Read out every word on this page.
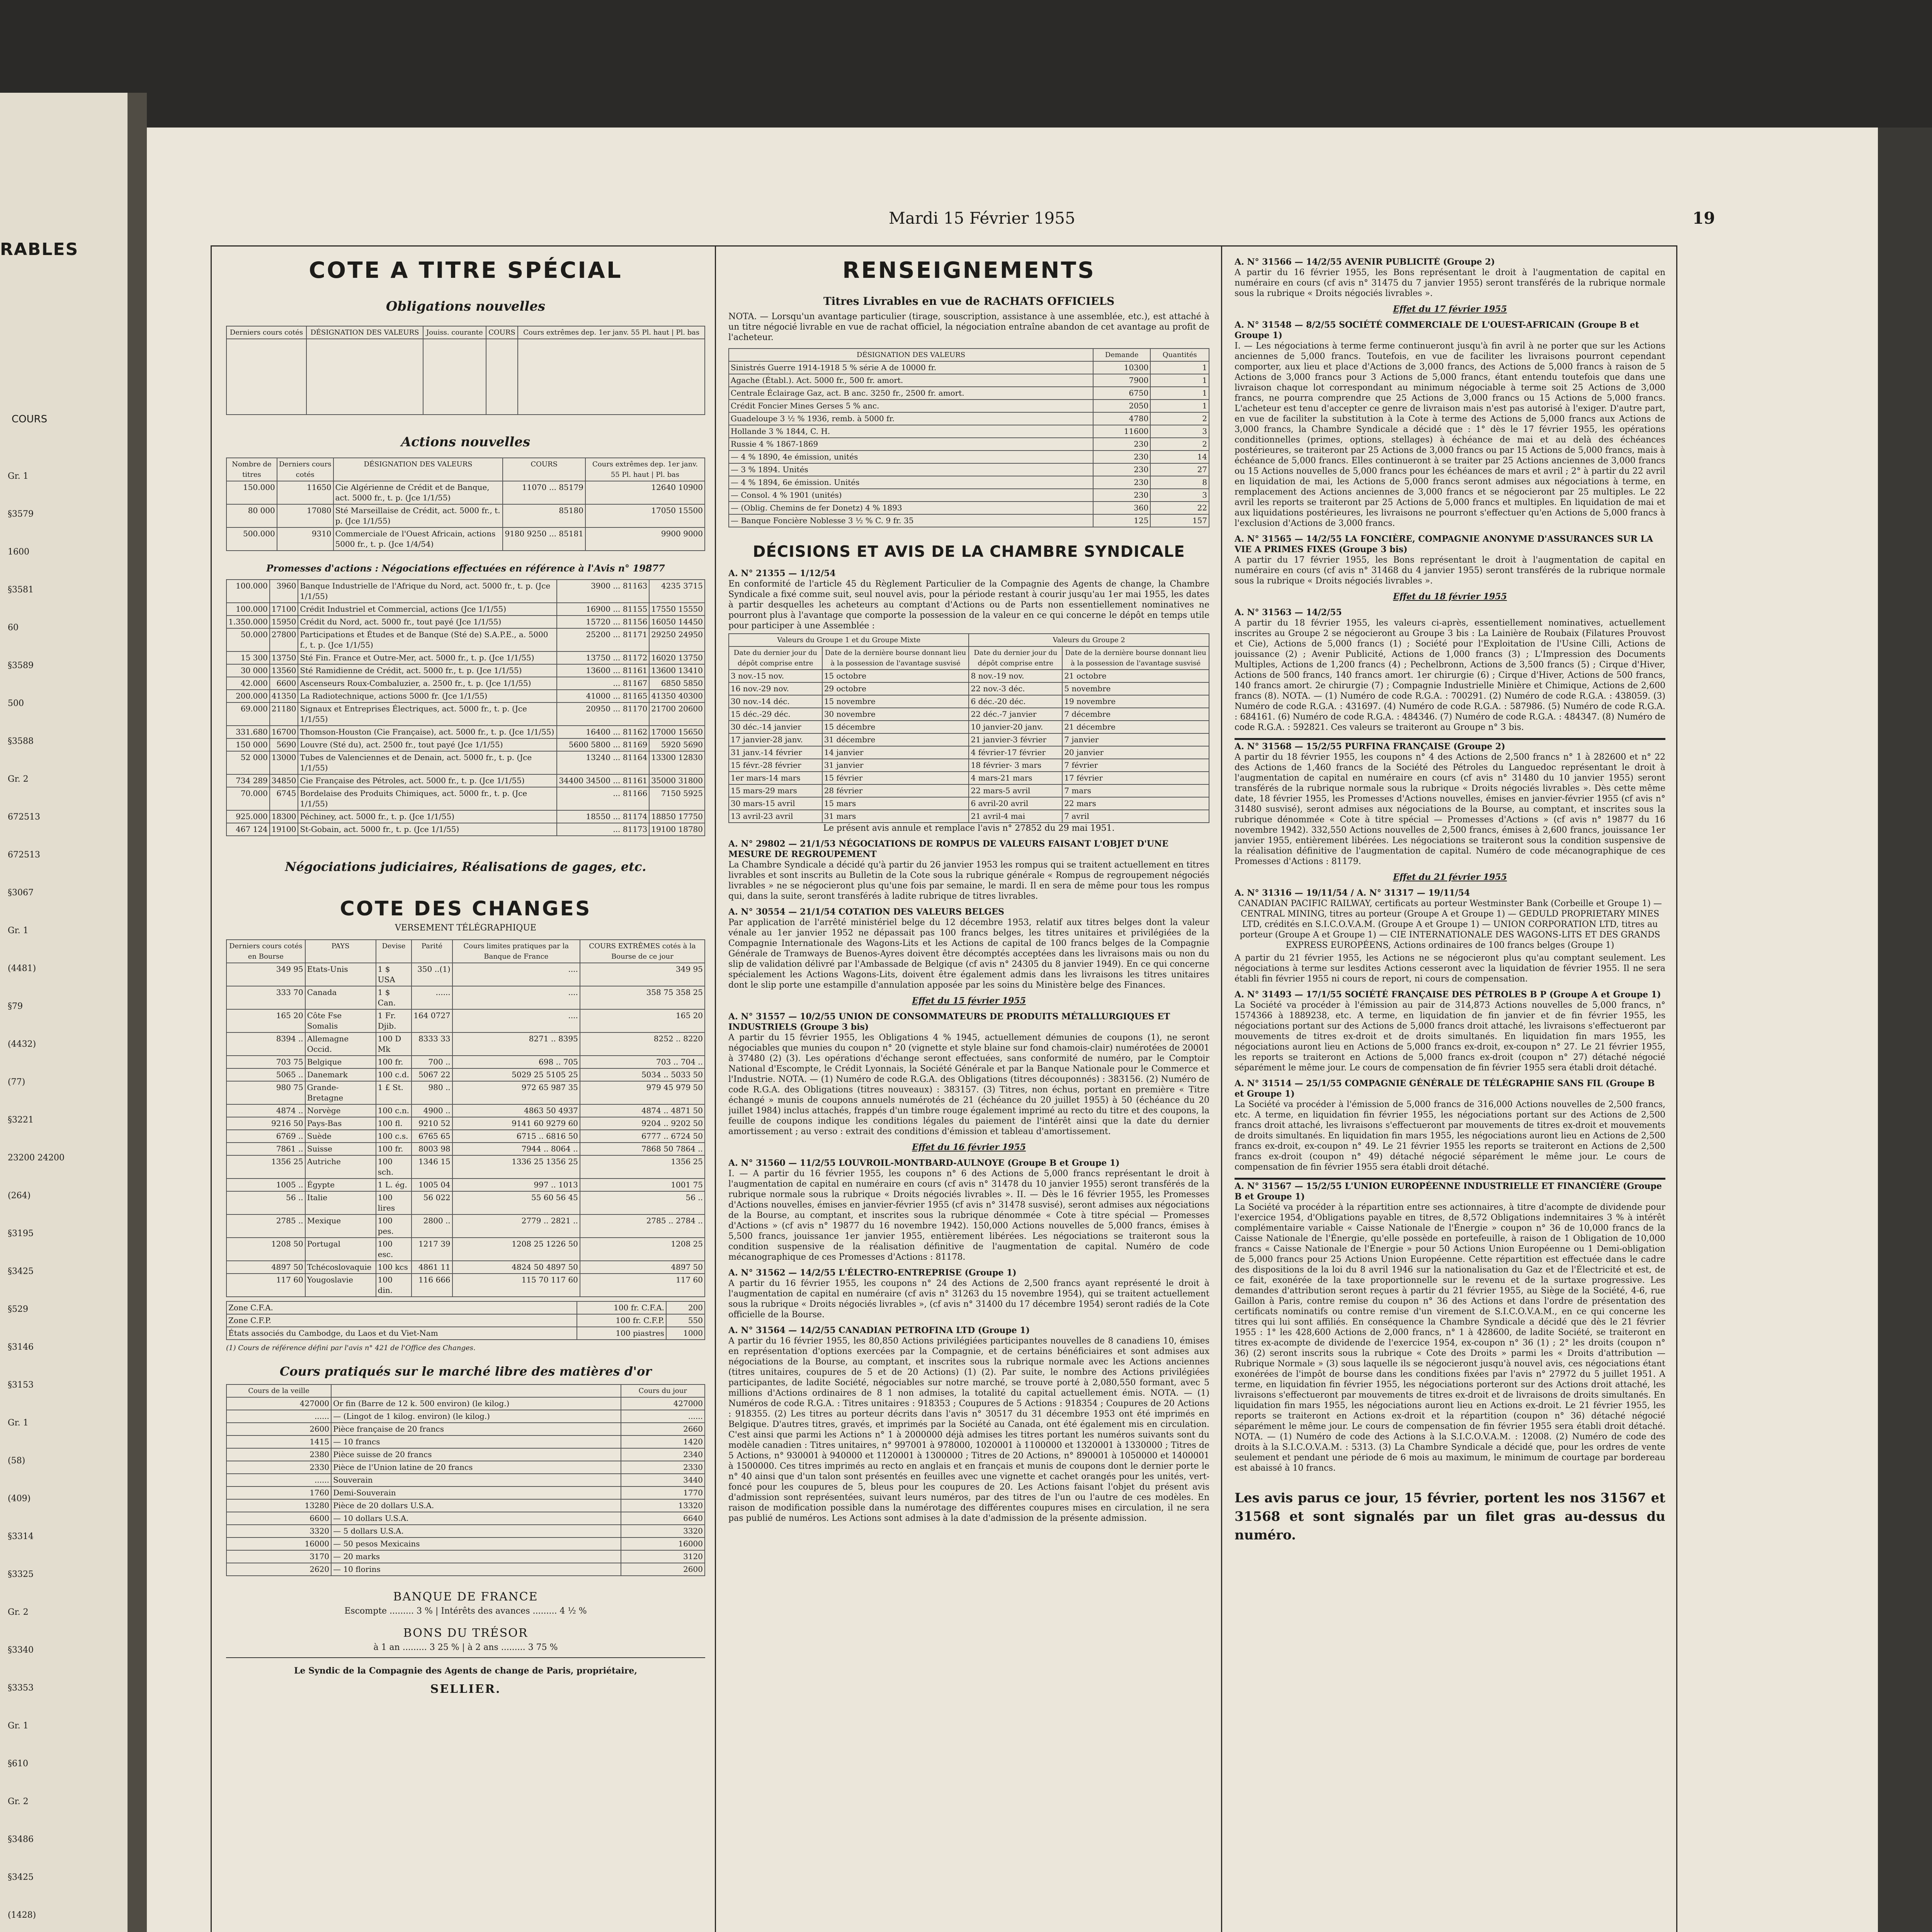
RABLES
COURS
Gr. 1
§3579
1600
§3581
60
§3589
500
§3588
Gr. 2
672513
672513
§3067
Gr. 1
(4481)
§79
(4432)
(77)
§3221
23200 24200
(264)
§3195
§3425
§529
§3146
§3153
Gr. 1
(58)
(409)
§3314
§3325
Gr. 2
§3340
§3353
Gr. 1
§610
Gr. 2
§3486
§3425
(1428)
Mardi 15 Février 1955	19
COTE A TITRE SPÉCIAL
Obligations nouvelles
Derniers cours cotés	DÉSIGNATION DES VALEURS	Jouiss. courante	COURS	Cours extrêmes dep. 1er janv. 55 Pl. haut | Pl. bas

Actions nouvelles
Nombre de titres	Derniers cours cotés	DÉSIGNATION DES VALEURS	COURS	Cours extrêmes dep. 1er janv. 55 Pl. haut | Pl. bas
150.000	11650	Cie Algérienne de Crédit et de Banque, act. 5000 fr., t. p. (Jce 1/1/55)	11070 ... 85179	12640 10900
80 000	17080	Sté Marseillaise de Crédit, act. 5000 fr., t. p. (Jce 1/1/55)	85180	17050 15500
500.000	9310	Commerciale de l'Ouest Africain, actions 5000 fr., t. p. (Jce 1/4/54)	9180 9250 ... 85181	9900 9000
Promesses d'actions : Négociations effectuées en référence à l'Avis n° 19877
100.000	3960	Banque Industrielle de l'Afrique du Nord, act. 5000 fr., t. p. (Jce 1/1/55)	3900 ... 81163	4235 3715
100.000	17100	Crédit Industriel et Commercial, actions (Jce 1/1/55)	16900 ... 81155	17550 15550
1.350.000	15950	Crédit du Nord, act. 5000 fr., tout payé (Jce 1/1/55)	15720 ... 81156	16050 14450
50.000	27800	Participations et Études et de Banque (Sté de) S.A.P.E., a. 5000 f., t. p. (Jce 1/1/55)	25200 ... 81171	29250 24950
15 300	13750	Sté Fin. France et Outre-Mer, act. 5000 fr., t. p. (Jce 1/1/55)	13750 ... 81172	16020 13750
30 000	13560	Sté Ramidienne de Crédit, act. 5000 fr., t. p. (Jce 1/1/55)	13600 ... 81161	13600 13410
42.000	6600	Ascenseurs Roux-Combaluzier, a. 2500 fr., t. p. (Jce 1/1/55)	... 81167	6850 5850
200.000	41350	La Radiotechnique, actions 5000 fr. (Jce 1/1/55)	41000 ... 81165	41350 40300
69.000	21180	Signaux et Entreprises Électriques, act. 5000 fr., t. p. (Jce 1/1/55)	20950 ... 81170	21700 20600
331.680	16700	Thomson-Houston (Cie Française), act. 5000 fr., t. p. (Jce 1/1/55)	16400 ... 81162	17000 15650
150 000	5690	Louvre (Sté du), act. 2500 fr., tout payé (Jce 1/1/55)	5600 5800 ... 81169	5920 5690
52 000	13000	Tubes de Valenciennes et de Denain, act. 5000 fr., t. p. (Jce 1/1/55)	13240 ... 81164	13300 12830
734 289	34850	Cie Française des Pétroles, act. 5000 fr., t. p. (Jce 1/1/55)	34400 34500 ... 81161	35000 31800
70.000	6745	Bordelaise des Produits Chimiques, act. 5000 fr., t. p. (Jce 1/1/55)	... 81166	7150 5925
925.000	18300	Péchiney, act. 5000 fr., t. p. (Jce 1/1/55)	18550 ... 81174	18850 17750
467 124	19100	St-Gobain, act. 5000 fr., t. p. (Jce 1/1/55)	... 81173	19100 18780
Négociations judiciaires, Réalisations de gages, etc.
COTE DES CHANGES
VERSEMENT TÉLÉGRAPHIQUE
Derniers cours cotés en Bourse	PAYS	Devise	Parité	Cours limites pratiques par la Banque de France	COURS EXTRÊMES cotés à la Bourse de ce jour
349 95	Etats-Unis	1 $ USA	350 ..(1)	....	349 95
333 70	Canada	1 $ Can.	......	....	358 75 358 25
165 20	Côte Fse Somalis	1 Fr. Djib.	164 0727	....	165 20
8394 ..	Allemagne Occid.	100 D Mk	8333 33	8271 .. 8395	8252 .. 8220
703 75	Belgique	100 fr.	700 ..	698 .. 705	703 .. 704 ..
5065 ..	Danemark	100 c.d.	5067 22	5029 25 5105 25	5034 .. 5033 50
980 75	Grande-Bretagne	1 £ St.	980 ..	972 65 987 35	979 45 979 50
4874 ..	Norvège	100 c.n.	4900 ..	4863 50 4937	4874 .. 4871 50
9216 50	Pays-Bas	100 fl.	9210 52	9141 60 9279 60	9204 .. 9202 50
6769 ..	Suède	100 c.s.	6765 65	6715 .. 6816 50	6777 .. 6724 50
7861 ..	Suisse	100 fr.	8003 98	7944 .. 8064 ..	7868 50 7864 ..
1356 25	Autriche	100 sch.	1346 15	1336 25 1356 25	1356 25
1005 ..	Égypte	1 L. ég.	1005 04	997 .. 1013	1001 75
56 ..	Italie	100 lires	56 022	55 60 56 45	56 ..
2785 ..	Mexique	100 pes.	2800 ..	2779 .. 2821 ..	2785 .. 2784 ..
1208 50	Portugal	100 esc.	1217 39	1208 25 1226 50	1208 25
4897 50	Tchécoslovaquie	100 kcs	4861 11	4824 50 4897 50	4897 50
117 60	Yougoslavie	100 din.	116 666	115 70 117 60	117 60
Zone C.F.A.	100 fr. C.F.A.	200
Zone C.F.P.	100 fr. C.F.P.	550
États associés du Cambodge, du Laos et du Viet-Nam	100 piastres	1000
(1) Cours de référence défini par l'avis n° 421 de l'Office des Changes.
Cours pratiqués sur le marché libre des matières d'or
Cours de la veille		Cours du jour
427000	Or fin (Barre de 12 k. 500 environ) (le kilog.)	427000
......	— (Lingot de 1 kilog. environ) (le kilog.)	......
2600	Pièce française de 20 francs	2660
1415	— 10 francs	1420
2380	Pièce suisse de 20 francs	2340
2330	Pièce de l'Union latine de 20 francs	2330
......	Souverain	3440
1760	Demi-Souverain	1770
13280	Pièce de 20 dollars U.S.A.	13320
6600	— 10 dollars U.S.A.	6640
3320	— 5 dollars U.S.A.	3320
16000	— 50 pesos Mexicains	16000
3170	— 20 marks	3120
2620	— 10 florins	2600
BANQUE DE FRANCE
Escompte ......... 3 % | Intérêts des avances ......... 4 ½ %
BONS DU TRÉSOR
à 1 an ......... 3 25 % | à 2 ans ......... 3 75 %
Le Syndic de la Compagnie des Agents de change de Paris, propriétaire,
SELLIER.
RENSEIGNEMENTS
Titres Livrables en vue de RACHATS OFFICIELS

NOTA. — Lorsqu'un avantage particulier (tirage, souscription, assistance à une assemblée, etc.), est attaché à un titre négocié livrable en vue de rachat officiel, la négociation entraîne abandon de cet avantage au profit de l'acheteur.

DÉSIGNATION DES VALEURS	Demande	Quantités
Sinistrés Guerre 1914-1918 5 % série A de 10000 fr.	10300	1
Agache (Établ.). Act. 5000 fr., 500 fr. amort.	7900	1
Centrale Éclairage Gaz, act. B anc. 3250 fr., 2500 fr. amort.	6750	1
Crédit Foncier Mines Gerses 5 % anc.	2050	1
Guadeloupe 3 ½ % 1936, remb. à 5000 fr.	4780	2
Hollande 3 % 1844, C. H.	11600	3
Russie 4 % 1867-1869	230	2
— 4 % 1890, 4e émission, unités	230	14
— 3 % 1894. Unités	230	27
— 4 % 1894, 6e émission. Unités	230	8
— Consol. 4 % 1901 (unités)	230	3
— (Oblig. Chemins de fer Donetz) 4 % 1893	360	22
— Banque Foncière Noblesse 3 ½ % C. 9 fr. 35	125	157
DÉCISIONS ET AVIS DE LA CHAMBRE SYNDICALE
A. N° 21355 — 1/12/54

En conformité de l'article 45 du Règlement Particulier de la Compagnie des Agents de change, la Chambre Syndicale a fixé comme suit, seul nouvel avis, pour la période restant à courir jusqu'au 1er mai 1955, les dates à partir desquelles les acheteurs au comptant d'Actions ou de Parts non essentiellement nominatives ne pourront plus à l'avantage que comporte la possession de la valeur en ce qui concerne le dépôt en temps utile pour participer à une Assemblée :

Valeurs du Groupe 1 et du Groupe Mixte		Valeurs du Groupe 2	
Date du dernier jour du dépôt comprise entre	Date de la dernière bourse donnant lieu à la possession de l'avantage susvisé	Date du dernier jour du dépôt comprise entre	Date de la dernière bourse donnant lieu à la possession de l'avantage susvisé
3 nov.-15 nov.	15 octobre	8 nov.-19 nov.	21 octobre
16 nov.-29 nov.	29 octobre	22 nov.-3 déc.	5 novembre
30 nov.-14 déc.	15 novembre	6 déc.-20 déc.	19 novembre
15 déc.-29 déc.	30 novembre	22 déc.-7 janvier	7 décembre
30 déc.-14 janvier	15 décembre	10 janvier-20 janv.	21 décembre
17 janvier-28 janv.	31 décembre	21 janvier-3 février	7 janvier
31 janv.-14 février	14 janvier	4 février-17 février	20 janvier
15 févr.-28 février	31 janvier	18 février- 3 mars	7 février
1er mars-14 mars	15 février	4 mars-21 mars	17 février
15 mars-29 mars	28 février	22 mars-5 avril	7 mars
30 mars-15 avril	15 mars	6 avril-20 avril	22 mars
13 avril-23 avril	31 mars	21 avril-4 mai	7 avril

Le présent avis annule et remplace l'avis n° 27852 du 29 mai 1951.

A. N° 29802 — 21/1/53 NÉGOCIATIONS DE ROMPUS DE VALEURS FAISANT L'OBJET D'UNE MESURE DE REGROUPEMENT

La Chambre Syndicale a décidé qu'à partir du 26 janvier 1953 les rompus qui se traitent actuellement en titres livrables et sont inscrits au Bulletin de la Cote sous la rubrique générale « Rompus de regroupement négociés livrables » ne se négocieront plus qu'une fois par semaine, le mardi. Il en sera de même pour tous les rompus qui, dans la suite, seront transférés à ladite rubrique de titres livrables.

A. N° 30554 — 21/1/54 COTATION DES VALEURS BELGES

Par application de l'arrêté ministériel belge du 12 décembre 1953, relatif aux titres belges dont la valeur vénale au 1er janvier 1952 ne dépassait pas 100 francs belges, les titres unitaires et privilégiées de la Compagnie Internationale des Wagons-Lits et les Actions de capital de 100 francs belges de la Compagnie Générale de Tramways de Buenos-Ayres doivent être décomptés acceptées dans les livraisons mais ou non du slip de validation délivré par l'Ambassade de Belgique (cf avis n° 24305 du 8 janvier 1949). En ce qui concerne spécialement les Actions Wagons-Lits, doivent être également admis dans les livraisons les titres unitaires dont le slip porte une estampille d'annulation apposée par les soins du Ministère belge des Finances.

Effet du 15 février 1955
A. N° 31557 — 10/2/55 UNION DE CONSOMMATEURS DE PRODUITS MÉTALLURGIQUES ET INDUSTRIELS (Groupe 3 bis)

A partir du 15 février 1955, les Obligations 4 % 1945, actuellement démunies de coupons (1), ne seront négociables que munies du coupon n° 20 (vignette et style blaine sur fond chamois-clair) numérotées de 20001 à 37480 (2) (3). Les opérations d'échange seront effectuées, sans conformité de numéro, par le Comptoir National d'Escompte, le Crédit Lyonnais, la Société Générale et par la Banque Nationale pour le Commerce et l'Industrie. NOTA. — (1) Numéro de code R.G.A. des Obligations (titres découponnés) : 383156. (2) Numéro de code R.G.A. des Obligations (titres nouveaux) : 383157. (3) Titres, non échus, portant en première « Titre échangé » munis de coupons annuels numérotés de 21 (échéance du 20 juillet 1955) à 50 (échéance du 20 juillet 1984) inclus attachés, frappés d'un timbre rouge également imprimé au recto du titre et des coupons, la feuille de coupons indique les conditions légales du paiement de l'intérêt ainsi que la date du dernier amortissement ; au verso : extrait des conditions d'émission et tableau d'amortissement.

Effet du 16 février 1955
A. N° 31560 — 11/2/55 LOUVROIL-MONTBARD-AULNOYE (Groupe B et Groupe 1)

I. — A partir du 16 février 1955, les coupons n° 6 des Actions de 5,000 francs représentant le droit à l'augmentation de capital en numéraire en cours (cf avis n° 31478 du 10 janvier 1955) seront transférés de la rubrique normale sous la rubrique « Droits négociés livrables ». II. — Dès le 16 février 1955, les Promesses d'Actions nouvelles, émises en janvier-février 1955 (cf avis n° 31478 susvisé), seront admises aux négociations de la Bourse, au comptant, et inscrites sous la rubrique dénommée « Cote à titre spécial — Promesses d'Actions » (cf avis n° 19877 du 16 novembre 1942). 150,000 Actions nouvelles de 5,000 francs, émises à 5,500 francs, jouissance 1er janvier 1955, entièrement libérées. Les négociations se traiteront sous la condition suspensive de la réalisation définitive de l'augmentation de capital. Numéro de code mécanographique de ces Promesses d'Actions : 81178.

A. N° 31562 — 14/2/55 L'ÉLECTRO-ENTREPRISE (Groupe 1)

A partir du 16 février 1955, les coupons n° 24 des Actions de 2,500 francs ayant représenté le droit à l'augmentation de capital en numéraire (cf avis n° 31263 du 15 novembre 1954), qui se traitent actuellement sous la rubrique « Droits négociés livrables », (cf avis n° 31400 du 17 décembre 1954) seront radiés de la Cote officielle de la Bourse.

A. N° 31564 — 14/2/55 CANADIAN PETROFINA LTD (Groupe 1)

A partir du 16 février 1955, les 80,850 Actions privilégiées participantes nouvelles de 8 canadiens 10, émises en représentation d'options exercées par la Compagnie, et de certains bénéficiaires et sont admises aux négociations de la Bourse, au comptant, et inscrites sous la rubrique normale avec les Actions anciennes (titres unitaires, coupures de 5 et de 20 Actions) (1) (2). Par suite, le nombre des Actions privilégiées participantes, de ladite Société, négociables sur notre marché, se trouve porté à 2,080,550 formant, avec 5 millions d'Actions ordinaires de 8 1 non admises, la totalité du capital actuellement émis. NOTA. — (1) Numéros de code R.G.A. : Titres unitaires : 918353 ; Coupures de 5 Actions : 918354 ; Coupures de 20 Actions : 918355. (2) Les titres au porteur décrits dans l'avis n° 30517 du 31 décembre 1953 ont été imprimés en Belgique. D'autres titres, gravés, et imprimés par la Société au Canada, ont été également mis en circulation. C'est ainsi que parmi les Actions n° 1 à 2000000 déjà admises les titres portant les numéros suivants sont du modèle canadien : Titres unitaires, n° 997001 à 978000, 1020001 à 1100000 et 1320001 à 1330000 ; Titres de 5 Actions, n° 930001 à 940000 et 1120001 à 1300000 ; Titres de 20 Actions, n° 890001 à 1050000 et 1400001 à 1500000. Ces titres imprimés au recto en anglais et en français et munis de coupons dont le dernier porte le n° 40 ainsi que d'un talon sont présentés en feuilles avec une vignette et cachet orangés pour les unités, vert-foncé pour les coupures de 5, bleus pour les coupures de 20. Les Actions faisant l'objet du présent avis d'admission sont représentées, suivant leurs numéros, par des titres de l'un ou l'autre de ces modèles. En raison de modification possible dans la numérotage des différentes coupures mises en circulation, il ne sera pas publié de numéros. Les Actions sont admises à la date d'admission de la présente admission.

A. N° 31566 — 14/2/55 AVENIR PUBLICITÉ (Groupe 2)

A partir du 16 février 1955, les Bons représentant le droit à l'augmentation de capital en numéraire en cours (cf avis n° 31475 du 7 janvier 1955) seront transférés de la rubrique normale sous la rubrique « Droits négociés livrables ».

Effet du 17 février 1955
A. N° 31548 — 8/2/55 SOCIÉTÉ COMMERCIALE DE L'OUEST-AFRICAIN (Groupe B et Groupe 1)

I. — Les négociations à terme ferme continueront jusqu'à fin avril à ne porter que sur les Actions anciennes de 5,000 francs. Toutefois, en vue de faciliter les livraisons pourront cependant comporter, aux lieu et place d'Actions de 3,000 francs, des Actions de 5,000 francs à raison de 5 Actions de 3,000 francs pour 3 Actions de 5,000 francs, étant entendu toutefois que dans une livraison chaque lot correspondant au minimum négociable à terme soit 25 Actions de 3,000 francs, ne pourra comprendre que 25 Actions de 3,000 francs ou 15 Actions de 5,000 francs. L'acheteur est tenu d'accepter ce genre de livraison mais n'est pas autorisé à l'exiger. D'autre part, en vue de faciliter la substitution à la Cote à terme des Actions de 5,000 francs aux Actions de 3,000 francs, la Chambre Syndicale a décidé que : 1° dès le 17 février 1955, les opérations conditionnelles (primes, options, stellages) à échéance de mai et au delà des échéances postérieures, se traiteront par 25 Actions de 3,000 francs ou par 15 Actions de 5,000 francs, mais à échéance de 5,000 francs. Elles continueront à se traiter par 25 Actions anciennes de 3,000 francs ou 15 Actions nouvelles de 5,000 francs pour les échéances de mars et avril ; 2° à partir du 22 avril en liquidation de mai, les Actions de 5,000 francs seront admises aux négociations à terme, en remplacement des Actions anciennes de 3,000 francs et se négocieront par 25 multiples. Le 22 avril les reports se traiteront par 25 Actions de 5,000 francs et multiples. En liquidation de mai et aux liquidations postérieures, les livraisons ne pourront s'effectuer qu'en Actions de 5,000 francs à l'exclusion d'Actions de 3,000 francs.

A. N° 31565 — 14/2/55 LA FONCIÈRE, COMPAGNIE ANONYME D'ASSURANCES SUR LA VIE A PRIMES FIXES (Groupe 3 bis)

A partir du 17 février 1955, les Bons représentant le droit à l'augmentation de capital en numéraire en cours (cf avis n° 31468 du 4 janvier 1955) seront transférés de la rubrique normale sous la rubrique « Droits négociés livrables ».

Effet du 18 février 1955
A. N° 31563 — 14/2/55

A partir du 18 février 1955, les valeurs ci-après, essentiellement nominatives, actuellement inscrites au Groupe 2 se négocieront au Groupe 3 bis : La Lainière de Roubaix (Filatures Prouvost et Cie), Actions de 5,000 francs (1) ; Société pour l'Exploitation de l'Usine Cilli, Actions de jouissance (2) ; Avenir Publicité, Actions de 1,000 francs (3) ; L'Impression des Documents Multiples, Actions de 1,200 francs (4) ; Pechelbronn, Actions de 3,500 francs (5) ; Cirque d'Hiver, Actions de 500 francs, 140 francs amort. 1er chirurgie (6) ; Cirque d'Hiver, Actions de 500 francs, 140 francs amort. 2e chirurgie (7) ; Compagnie Industrielle Minière et Chimique, Actions de 2,600 francs (8). NOTA. — (1) Numéro de code R.G.A. : 700291. (2) Numéro de code R.G.A. : 438059. (3) Numéro de code R.G.A. : 431697. (4) Numéro de code R.G.A. : 587986. (5) Numéro de code R.G.A. : 684161. (6) Numéro de code R.G.A. : 484346. (7) Numéro de code R.G.A. : 484347. (8) Numéro de code R.G.A. : 592821. Ces valeurs se traiteront au Groupe n° 3 bis.

A. N° 31568 — 15/2/55 PURFINA FRANÇAISE (Groupe 2)

A partir du 18 février 1955, les coupons n° 4 des Actions de 2,500 francs n° 1 à 282600 et n° 22 des Actions de 1,460 francs de la Société des Pétroles du Languedoc représentant le droit à l'augmentation de capital en numéraire en cours (cf avis n° 31480 du 10 janvier 1955) seront transférés de la rubrique normale sous la rubrique « Droits négociés livrables ». Dès cette même date, 18 février 1955, les Promesses d'Actions nouvelles, émises en janvier-février 1955 (cf avis n° 31480 susvisé), seront admises aux négociations de la Bourse, au comptant, et inscrites sous la rubrique dénommée « Cote à titre spécial — Promesses d'Actions » (cf avis n° 19877 du 16 novembre 1942). 332,550 Actions nouvelles de 2,500 francs, émises à 2,600 francs, jouissance 1er janvier 1955, entièrement libérées. Les négociations se traiteront sous la condition suspensive de la réalisation définitive de l'augmentation de capital. Numéro de code mécanographique de ces Promesses d'Actions : 81179.

Effet du 21 février 1955
A. N° 31316 — 19/11/54 / A. N° 31317 — 19/11/54

CANADIAN PACIFIC RAILWAY, certificats au porteur Westminster Bank (Corbeille et Groupe 1) — CENTRAL MINING, titres au porteur (Groupe A et Groupe 1) — GEDULD PROPRIETARY MINES LTD, crédités en S.I.C.O.V.A.M. (Groupe A et Groupe 1) — UNION CORPORATION LTD, titres au porteur (Groupe A et Groupe 1) — CIE INTERNATIONALE DES WAGONS-LITS ET DES GRANDS EXPRESS EUROPÉENS, Actions ordinaires de 100 francs belges (Groupe 1)

A partir du 21 février 1955, les Actions ne se négocieront plus qu'au comptant seulement. Les négociations à terme sur lesdites Actions cesseront avec la liquidation de février 1955. Il ne sera établi fin février 1955 ni cours de report, ni cours de compensation.

A. N° 31493 — 17/1/55 SOCIÉTÉ FRANÇAISE DES PÉTROLES B P (Groupe A et Groupe 1)

La Société va procéder à l'émission au pair de 314,873 Actions nouvelles de 5,000 francs, n° 1574366 à 1889238, etc. A terme, en liquidation de fin janvier et de fin février 1955, les négociations portant sur des Actions de 5,000 francs droit attaché, les livraisons s'effectueront par mouvements de titres ex-droit et de droits simultanés. En liquidation fin mars 1955, les négociations auront lieu en Actions de 5,000 francs ex-droit, ex-coupon n° 27. Le 21 février 1955, les reports se traiteront en Actions de 5,000 francs ex-droit (coupon n° 27) détaché négocié séparément le même jour. Le cours de compensation de fin février 1955 sera établi droit détaché.

A. N° 31514 — 25/1/55 COMPAGNIE GÉNÉRALE DE TÉLÉGRAPHIE SANS FIL (Groupe B et Groupe 1)

La Société va procéder à l'émission de 5,000 francs de 316,000 Actions nouvelles de 2,500 francs, etc. A terme, en liquidation fin février 1955, les négociations portant sur des Actions de 2,500 francs droit attaché, les livraisons s'effectueront par mouvements de titres ex-droit et mouvements de droits simultanés. En liquidation fin mars 1955, les négociations auront lieu en Actions de 2,500 francs ex-droit, ex-coupon n° 49. Le 21 février 1955 les reports se traiteront en Actions de 2,500 francs ex-droit (coupon n° 49) détaché négocié séparément le même jour. Le cours de compensation de fin février 1955 sera établi droit détaché.

A. N° 31567 — 15/2/55 L'UNION EUROPÉENNE INDUSTRIELLE ET FINANCIÈRE (Groupe B et Groupe 1)

La Société va procéder à la répartition entre ses actionnaires, à titre d'acompte de dividende pour l'exercice 1954, d'Obligations payable en titres, de 8,572 Obligations indemnitaires 3 % à intérêt complémentaire variable « Caisse Nationale de l'Énergie » coupon n° 36 de 10,000 francs de la Caisse Nationale de l'Énergie, qu'elle possède en portefeuille, à raison de 1 Obligation de 10,000 francs « Caisse Nationale de l'Énergie » pour 50 Actions Union Européenne ou 1 Demi-obligation de 5,000 francs pour 25 Actions Union Européenne. Cette répartition est effectuée dans le cadre des dispositions de la loi du 8 avril 1946 sur la nationalisation du Gaz et de l'Électricité et est, de ce fait, exonérée de la taxe proportionnelle sur le revenu et de la surtaxe progressive. Les demandes d'attribution seront reçues à partir du 21 février 1955, au Siège de la Société, 4-6, rue Gaillon à Paris, contre remise du coupon n° 36 des Actions et dans l'ordre de présentation des certificats nominatifs ou contre remise d'un virement de S.I.C.O.V.A.M., en ce qui concerne les titres qui lui sont affiliés. En conséquence la Chambre Syndicale a décidé que dès le 21 février 1955 : 1° les 428,600 Actions de 2,000 francs, n° 1 à 428600, de ladite Société, se traiteront en titres ex-acompte de dividende de l'exercice 1954, ex-coupon n° 36 (1) ; 2° les droits (coupon n° 36) (2) seront inscrits sous la rubrique « Cote des Droits » parmi les « Droits d'attribution — Rubrique Normale » (3) sous laquelle ils se négocieront jusqu'à nouvel avis, ces négociations étant exonérées de l'impôt de bourse dans les conditions fixées par l'avis n° 27972 du 5 juillet 1951. A terme, en liquidation fin février 1955, les négociations porteront sur des Actions droit attaché, les livraisons s'effectueront par mouvements de titres ex-droit et de livraisons de droits simultanés. En liquidation fin mars 1955, les négociations auront lieu en Actions ex-droit. Le 21 février 1955, les reports se traiteront en Actions ex-droit et la répartition (coupon n° 36) détaché négocié séparément le même jour. Le cours de compensation de fin février 1955 sera établi droit détaché. NOTA. — (1) Numéro de code des Actions à la S.I.C.O.V.A.M. : 12008. (2) Numéro de code des droits à la S.I.C.O.V.A.M. : 5313. (3) La Chambre Syndicale a décidé que, pour les ordres de vente seulement et pendant une période de 6 mois au maximum, le minimum de courtage par bordereau est abaissé à 10 francs.

Les avis parus ce jour, 15 février, portent les nos 31567 et 31568 et sont signalés par un filet gras au-dessus du numéro.
